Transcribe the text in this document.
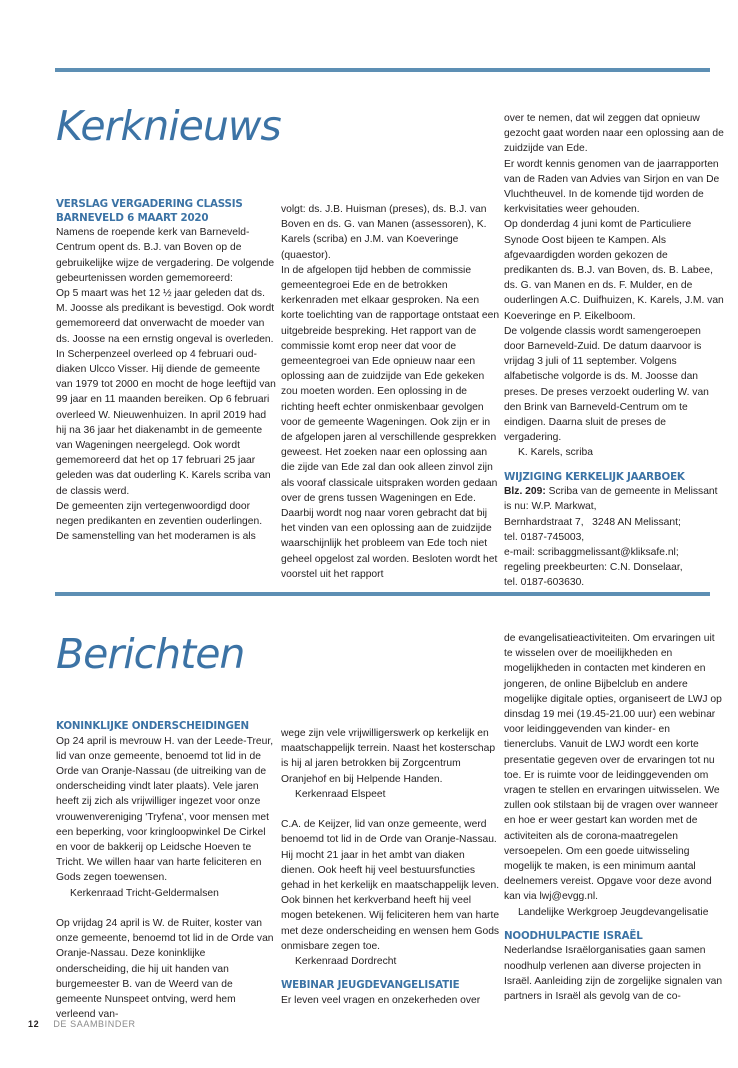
Kerknieuws
VERSLAG VERGADERING CLASSIS BARNEVELD 6 MAART 2020

Namens de roepende kerk van Barneveld-Centrum opent ds. B.J. van Boven op de gebruikelijke wijze de vergadering. De volgende gebeurtenissen worden gememoreerd:

Op 5 maart was het 12 ½ jaar geleden dat ds. M. Joosse als predikant is bevestigd. Ook wordt gememoreerd dat onverwacht de moeder van ds. Joosse na een ernstig ongeval is overleden.

In Scherpenzeel overleed op 4 februari oud-diaken Ulcco Visser. Hij diende de gemeente van 1979 tot 2000 en mocht de hoge leeftijd van 99 jaar en 11 maanden bereiken. Op 6 februari overleed W. Nieuwenhuizen. In april 2019 had hij na 36 jaar het diakenambt in de gemeente van Wageningen neergelegd. Ook wordt gememoreerd dat het op 17 februari 25 jaar geleden was dat ouderling K. Karels scriba van de classis werd.

De gemeenten zijn vertegenwoordigd door negen predikanten en zeventien ouderlingen. De samenstelling van het moderamen is als

volgt: ds. J.B. Huisman (preses), ds. B.J. van Boven en ds. G. van Manen (assessoren), K. Karels (scriba) en J.M. van Koeveringe (quaestor).

In de afgelopen tijd hebben de commissie gemeentegroei Ede en de betrokken kerkenraden met elkaar gesproken. Na een korte toelichting van de rapportage ontstaat een uitgebreide bespreking. Het rapport van de commissie komt erop neer dat voor de gemeentegroei van Ede opnieuw naar een oplossing aan de zuidzijde van Ede gekeken zou moeten worden. Een oplossing in de richting heeft echter onmiskenbaar gevolgen voor de gemeente Wageningen. Ook zijn er in de afgelopen jaren al verschillende gesprekken geweest. Het zoeken naar een oplossing aan die zijde van Ede zal dan ook alleen zinvol zijn als vooraf classicale uitspraken worden gedaan over de grens tussen Wageningen en Ede. Daarbij wordt nog naar voren gebracht dat bij het vinden van een oplossing aan de zuidzijde waarschijnlijk het probleem van Ede toch niet geheel opgelost zal worden. Besloten wordt het voorstel uit het rapport

over te nemen, dat wil zeggen dat opnieuw gezocht gaat worden naar een oplossing aan de zuidzijde van Ede.

Er wordt kennis genomen van de jaarrapporten van de Raden van Advies van Sirjon en van De Vluchtheuvel. In de komende tijd worden de kerkvisitaties weer gehouden.

Op donderdag 4 juni komt de Particuliere Synode Oost bijeen te Kampen. Als afgevaardigden worden gekozen de predikanten ds. B.J. van Boven, ds. B. Labee, ds. G. van Manen en ds. F. Mulder, en de ouderlingen A.C. Duifhuizen, K. Karels, J.M. van Koeveringe en P. Eikelboom.

De volgende classis wordt samengeroepen door Barneveld-Zuid. De datum daarvoor is vrijdag 3 juli of 11 september. Volgens alfabetische volgorde is ds. M. Joosse dan preses. De preses verzoekt ouderling W. van den Brink van Barneveld-Centrum om te eindigen. Daarna sluit de preses de vergadering.

K. Karels, scriba

WIJZIGING KERKELIJK JAARBOEK

Blz. 209: Scriba van de gemeente in Melissant is nu: W.P. Markwat,

Bernhardstraat 7,   3248 AN Melissant;

tel. 0187-745003,

e-mail: scribaggmelissant@kliksafe.nl;

regeling preekbeurten: C.N. Donselaar,

tel. 0187-603630.

Berichten
KONINKLIJKE ONDERSCHEIDINGEN

Op 24 april is mevrouw H. van der Leede-Treur, lid van onze gemeente, benoemd tot lid in de Orde van Oranje-Nassau (de uitreiking van de onderscheiding vindt later plaats). Vele jaren heeft zij zich als vrijwilliger ingezet voor onze vrouwenvereniging 'Tryfena', voor mensen met een beperking, voor kringloopwinkel De Cirkel en voor de bakkerij op Leidsche Hoeven te Tricht. We willen haar van harte feliciteren en Gods zegen toewensen.

Kerkenraad Tricht-Geldermalsen

Op vrijdag 24 april is W. de Ruiter, koster van onze gemeente, benoemd tot lid in de Orde van Oranje-Nassau. Deze koninklijke onderscheiding, die hij uit handen van burgemeester B. van de Weerd van de gemeente Nunspeet ontving, werd hem verleend van-

wege zijn vele vrijwilligerswerk op kerkelijk en maatschappelijk terrein. Naast het kosterschap is hij al jaren betrokken bij Zorgcentrum Oranjehof en bij Helpende Handen.

Kerkenraad Elspeet

C.A. de Keijzer, lid van onze gemeente, werd benoemd tot lid in de Orde van Oranje-Nassau. Hij mocht 21 jaar in het ambt van diaken dienen. Ook heeft hij veel bestuursfuncties gehad in het kerkelijk en maatschappelijk leven. Ook binnen het kerkverband heeft hij veel mogen betekenen. Wij feliciteren hem van harte met deze onderscheiding en wensen hem Gods onmisbare zegen toe.

Kerkenraad Dordrecht

WEBINAR JEUGDEVANGELISATIE

Er leven veel vragen en onzekerheden over

de evangelisatieactiviteiten. Om ervaringen uit te wisselen over de moeilijkheden en mogelijkheden in contacten met kinderen en jongeren, de online Bijbelclub en andere mogelijke digitale opties, organiseert de LWJ op dinsdag 19 mei (19.45-21.00 uur) een webinar voor leidinggevenden van kinder- en tienerclubs. Vanuit de LWJ wordt een korte presentatie gegeven over de ervaringen tot nu toe. Er is ruimte voor de leidinggevenden om vragen te stellen en ervaringen uitwisselen. We zullen ook stilstaan bij de vragen over wanneer en hoe er weer gestart kan worden met de activiteiten als de corona-maatregelen versoepelen. Om een goede uitwisseling mogelijk te maken, is een minimum aantal deelnemers vereist. Opgave voor deze avond kan via lwj@evgg.nl.

Landelijke Werkgroep Jeugdevangelisatie

NOODHULPACTIE ISRAËL

Nederlandse Israëlorganisaties gaan samen noodhulp verlenen aan diverse projecten in Israël. Aanleiding zijn de zorgelijke signalen van partners in Israël als gevolg van de co-

12 DE SAAMBINDER
